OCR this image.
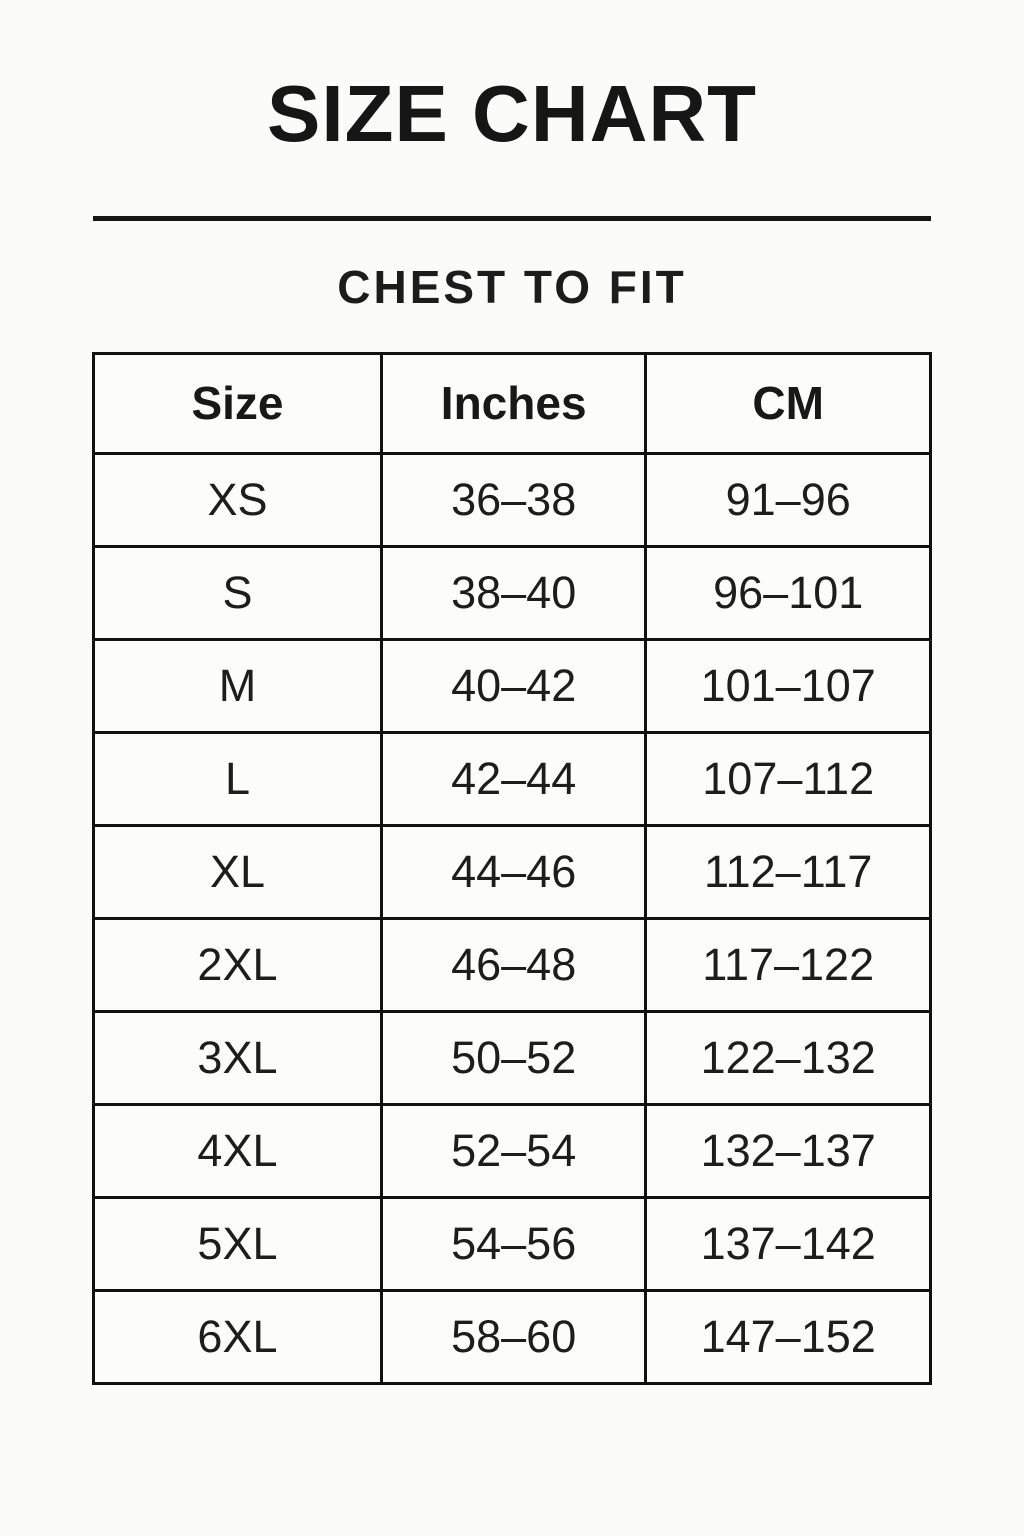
SIZE CHART
CHEST TO FIT
Size	Inches	CM
XS	36–38	91–96
S	38–40	96–101
M	40–42	101–107
L	42–44	107–112
XL	44–46	112–117
2XL	46–48	117–122
3XL	50–52	122–132
4XL	52–54	132–137
5XL	54–56	137–142
6XL	58–60	147–152
